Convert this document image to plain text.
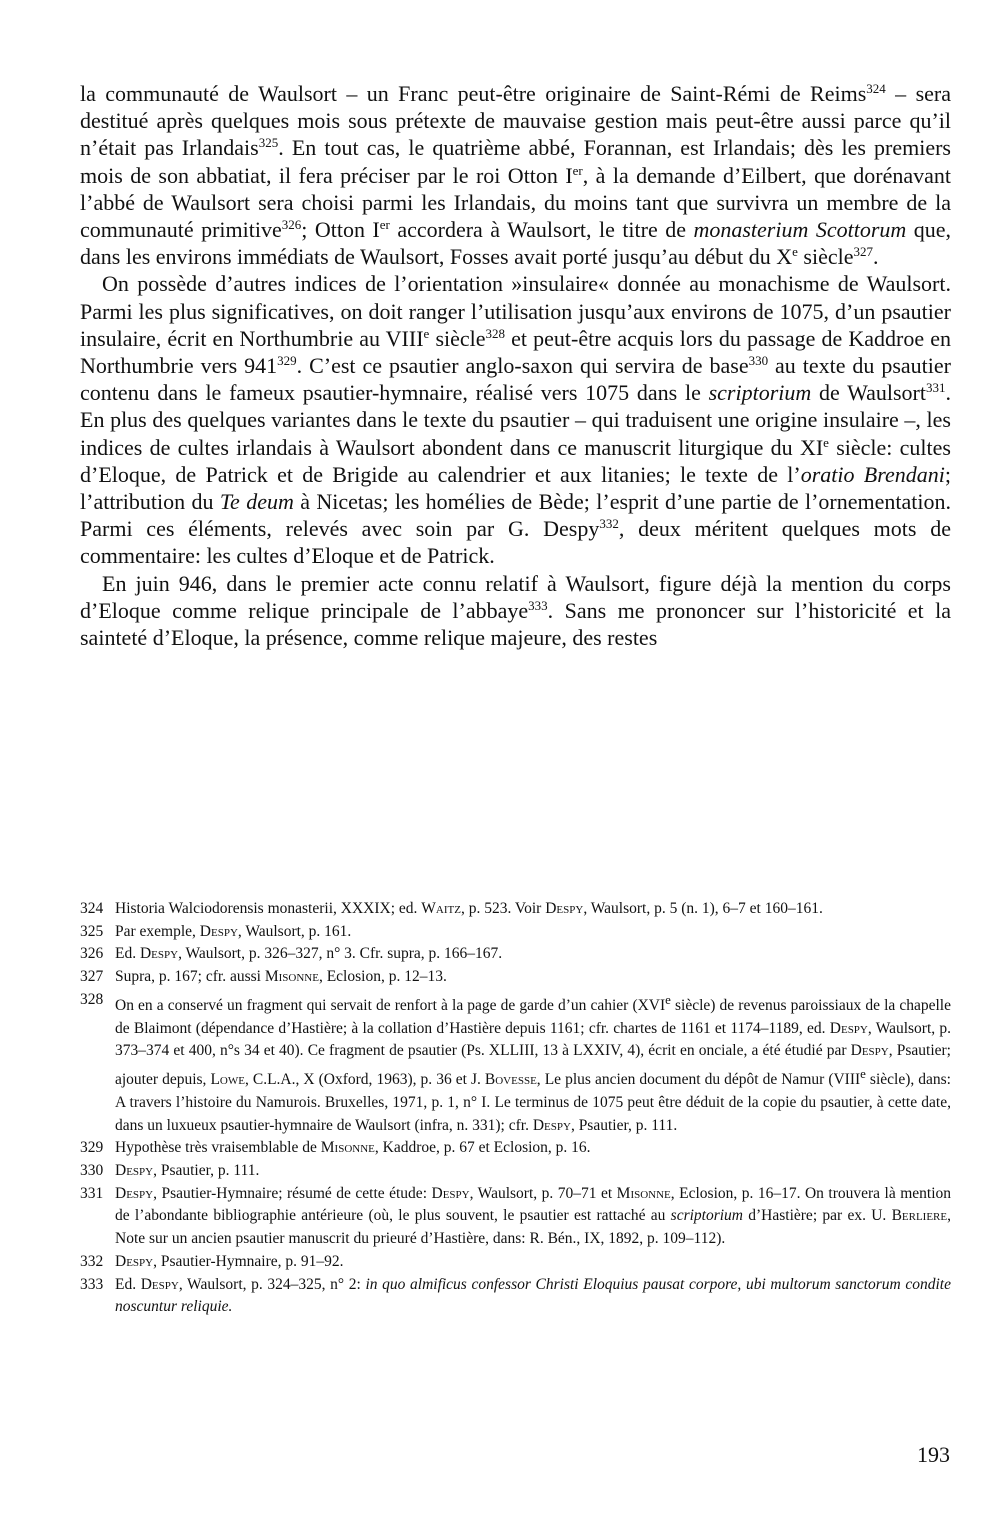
la communauté de Waulsort – un Franc peut-être originaire de Saint-Rémi de Reims$^{324}$ – sera destitué après quelques mois sous prétexte de mauvaise gestion mais peut-être aussi parce qu’il n’était pas Irlandais$^{325}$. En tout cas, le quatrième abbé, Forannan, est Irlandais; dès les premiers mois de son abbatiat, il fera préciser par le roi Otton Ier, à la demande d’Eilbert, que dorénavant l’abbé de Waulsort sera choisi parmi les Irlandais, du moins tant que survivra un membre de la communauté primitive$^{326}$; Otton Ier accordera à Waulsort, le titre de monasterium Scottorum que, dans les environs immédiats de Waulsort, Fosses avait porté jusqu’au début du Xe siècle$^{327}$.

On possède d’autres indices de l’orientation »insulaire« donnée au monachisme de Waulsort. Parmi les plus significatives, on doit ranger l’utilisation jusqu’aux environs de 1075, d’un psautier insulaire, écrit en Northumbrie au VIIIe siècle$^{328}$ et peut-être acquis lors du passage de Kaddroe en Northumbrie vers $941^{329}$. C’est ce psautier anglo-saxon qui servira de base$^{330}$ au texte du psautier contenu dans le fameux psautier-hymnaire, réalisé vers 1075 dans le scriptorium de Waulsort$^{331}$. En plus des quelques variantes dans le texte du psautier – qui traduisent une origine insulaire –, les indices de cultes irlandais à Waulsort abondent dans ce manuscrit liturgique du XIe siècle: cultes d’Eloque, de Patrick et de Brigide au calendrier et aux litanies; le texte de l’oratio Brendani; l’attribution du Te deum à Nicetas; les homélies de Bède; l’esprit d’une partie de l’ornementation. Parmi ces éléments, relevés avec soin par G. Despy$^{332}$, deux méritent quelques mots de commentaire: les cultes d’Eloque et de Patrick.

En juin 946, dans le premier acte connu relatif à Waulsort, figure déjà la mention du corps d’Eloque comme relique principale de l’abbaye$^{333}$. Sans me prononcer sur l’historicité et la sainteté d’Eloque, la présence, comme relique majeure, des restes

324 Historia Walciodorensis monasterii, XXXIX; ed. Waitz, p. 523. Voir Despy, Waulsort, p. 5 (n. 1), 6–7 et 160–161.
325 Par exemple, Despy, Waulsort, p. 161.
326 Ed. Despy, Waulsort, p. 326–327, n° 3. Cfr. supra, p. 166–167.
327 Supra, p. 167; cfr. aussi Misonne, Eclosion, p. 12–13.
328 On en a conservé un fragment qui servait de renfort à la page de garde d’un cahier (XVIe siècle) de revenus paroissiaux de la chapelle de Blaimont (dépendance d’Hastière; à la collation d’Hastière depuis 1161; cfr. chartes de 1161 et 1174–1189, ed. Despy, Waulsort, p. 373–374 et 400, n°s 34 et 40). Ce fragment de psautier (Ps. XLLIII, 13 à LXXIV, 4), écrit en onciale, a été étudié par Despy, Psautier; ajouter depuis, Lowe, C.L.A., X (Oxford, 1963), p. 36 et J. Bovesse, Le plus ancien document du dépôt de Namur (VIIIe siècle), dans: A travers l’histoire du Namurois. Bruxelles, 1971, p. 1, n° I. Le terminus de 1075 peut être déduit de la copie du psautier, à cette date, dans un luxueux psautier-hymnaire de Waulsort (infra, n. 331); cfr. Despy, Psautier, p. 111.
329 Hypothèse très vraisemblable de Misonne, Kaddroe, p. 67 et Eclosion, p. 16.
330 Despy, Psautier, p. 111.
331 Despy, Psautier-Hymnaire; résumé de cette étude: Despy, Waulsort, p. 70–71 et Misonne, Eclosion, p. 16–17. On trouvera là mention de l’abondante bibliographie antérieure (où, le plus souvent, le psautier est rattaché au scriptorium d’Hastière; par ex. U. Berliere, Note sur un ancien psautier manuscrit du prieuré d’Hastière, dans: R. Bén., IX, 1892, p. 109–112).
332 Despy, Psautier-Hymnaire, p. 91–92.
333 Ed. Despy, Waulsort, p. 324–325, n° 2: in quo almificus confessor Christi Eloquius pausat corpore, ubi multorum sanctorum condite noscuntur reliquie.
193
